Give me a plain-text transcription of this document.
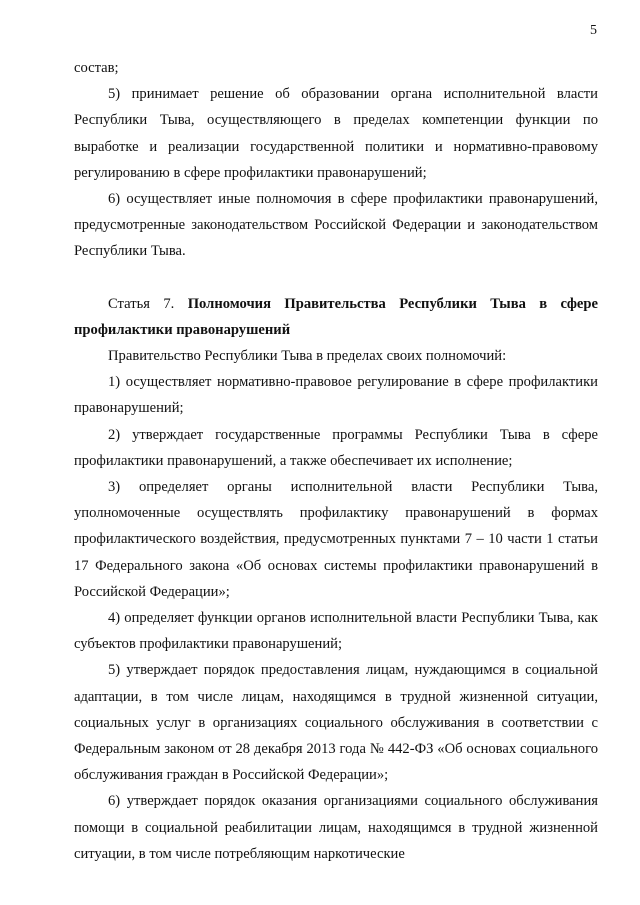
5

состав;

5) принимает решение об образовании органа исполнительной власти Республики Тыва, осуществляющего в пределах компетенции функции по выработке и реализации государственной политики и нормативно-правовому регулированию в сфере профилактики правонарушений;

6) осуществляет иные полномочия в сфере профилактики правонарушений, предусмотренные законодательством Российской Федерации и законодательством Республики Тыва.

Статья 7. Полномочия Правительства Республики Тыва в сфере профилактики правонарушений

Правительство Республики Тыва в пределах своих полномочий:

1) осуществляет нормативно-правовое регулирование в сфере профилактики правонарушений;

2) утверждает государственные программы Республики Тыва в сфере профилактики правонарушений, а также обеспечивает их исполнение;

3) определяет органы исполнительной власти Республики Тыва, уполномоченные осуществлять профилактику правонарушений в формах профилактического воздействия, предусмотренных пунктами 7 – 10 части 1 статьи 17 Федерального закона «Об основах системы профилактики правонарушений в Российской Федерации»;

4) определяет функции органов исполнительной власти Республики Тыва, как субъектов профилактики правонарушений;

5) утверждает порядок предоставления лицам, нуждающимся в социальной адаптации, в том числе лицам, находящимся в трудной жизненной ситуации, социальных услуг в организациях социального обслуживания в соответствии с Федеральным законом от 28 декабря 2013 года № 442-ФЗ «Об основах социального обслуживания граждан в Российской Федерации»;

6) утверждает порядок оказания организациями социального обслуживания помощи в социальной реабилитации лицам, находящимся в трудной жизненной ситуации, в том числе потребляющим наркотические
